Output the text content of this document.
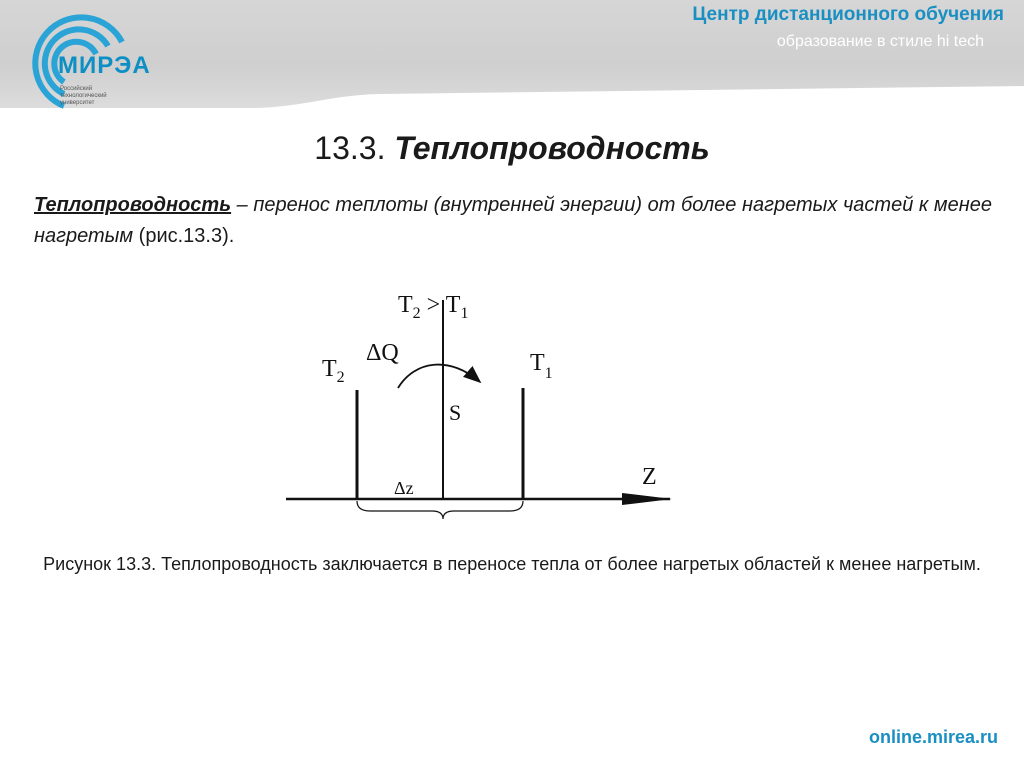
МИРЭА
Российский технологический университет
Центр дистанционного обучения
образование в стиле hi tech
13.3. Теплопроводность
Теплопроводность – перенос теплоты (внутренней энергии) от более нагретых частей к менее нагретым (рис.13.3).
$T_2 > T_1$
$T_2$
$T_1$
ΔQ
S
Δz	Z
Рисунок 13.3. Теплопроводность заключается в переносе тепла от более нагретых областей к менее нагретым.
online.mirea.ru
